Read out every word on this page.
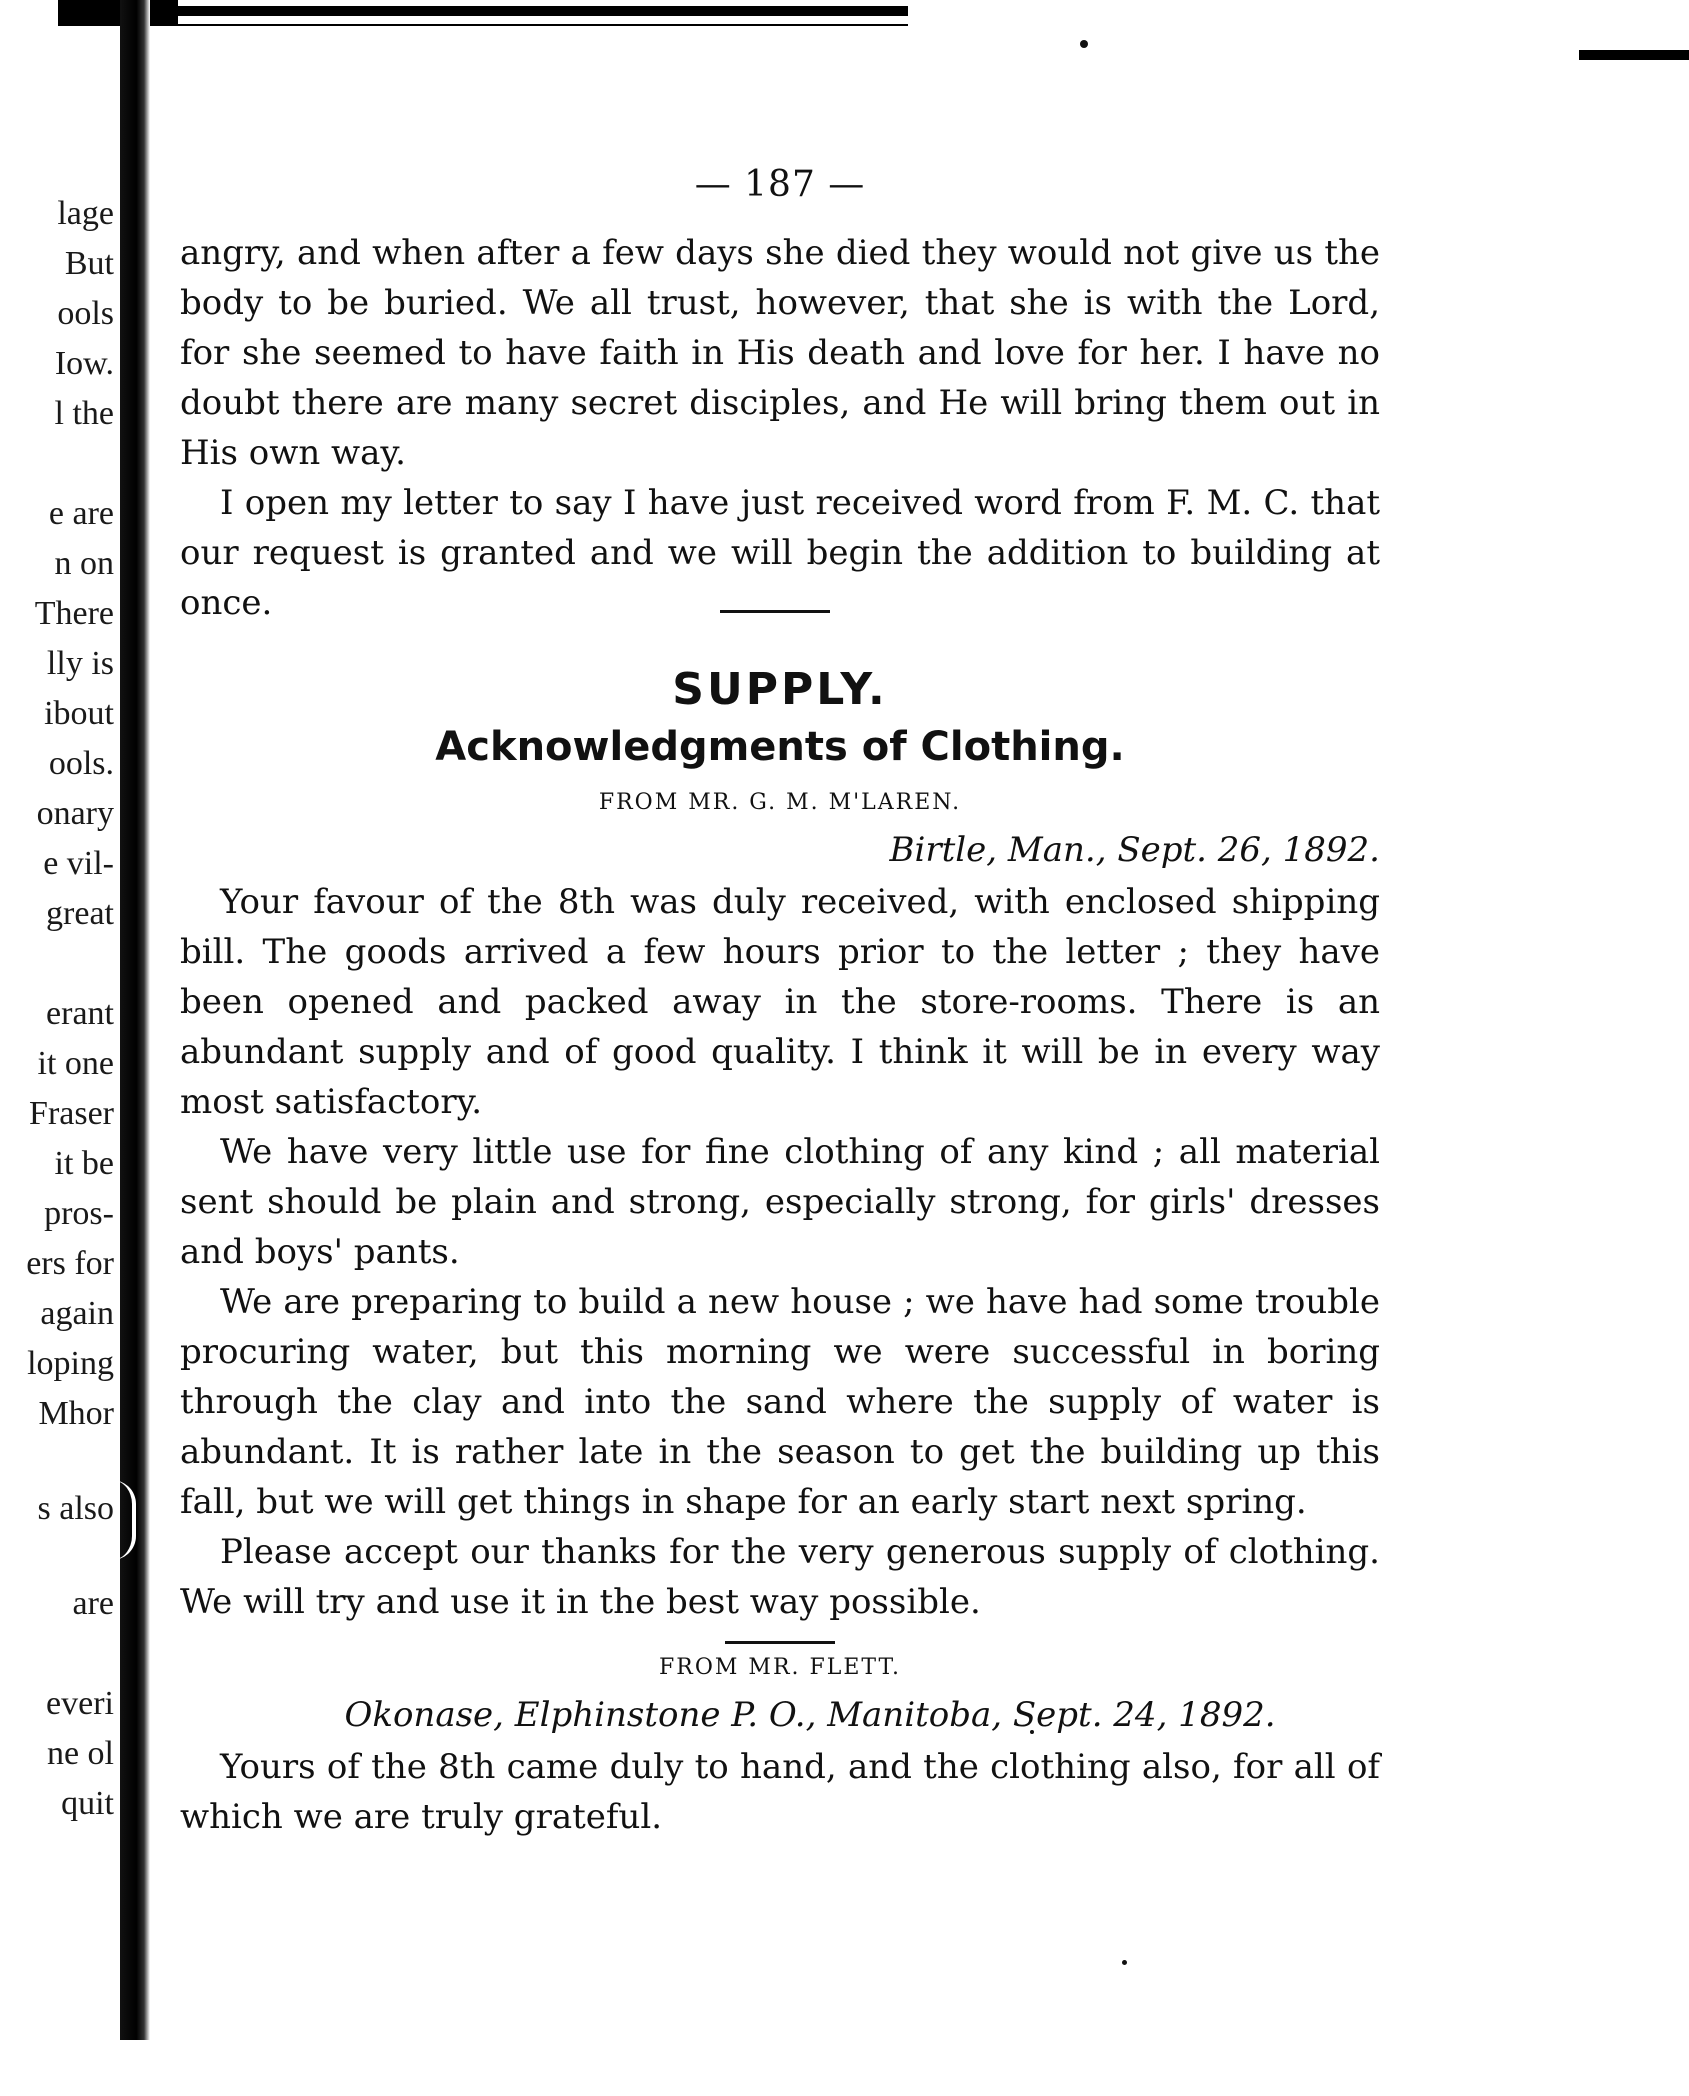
lage
But
ools
Iow.
l the
e are
n on
There
lly is
ibout
ools.
onary
e vil-
great
erant
it one
Fraser
it be
pros-
ers for
again
loping
Mhor
s also
are
everi
ne ol
quit
— 187 —

angry, and when after a few days she died they would not give us the body to be buried. We all trust, however, that she is with the Lord, for she seemed to have faith in His death and love for her. I have no doubt there are many secret disciples, and He will bring them out in His own way.

I open my letter to say I have just received word from F. M. C. that our request is granted and we will begin the addition to building at once.

SUPPLY.
Acknowledgments of Clothing.
FROM MR. G. M. M'LAREN.
Birtle, Man., Sept. 26, 1892.

Your favour of the 8th was duly received, with enclosed shipping bill. The goods arrived a few hours prior to the letter ; they have been opened and packed away in the store-rooms. There is an abundant supply and of good quality. I think it will be in every way most satisfactory.

We have very little use for fine clothing of any kind ; all material sent should be plain and strong, especially strong, for girls' dresses and boys' pants.

We are preparing to build a new house ; we have had some trouble procuring water, but this morning we were successful in boring through the clay and into the sand where the supply of water is abundant. It is rather late in the season to get the building up this fall, but we will get things in shape for an early start next spring.

Please accept our thanks for the very generous supply of clothing. We will try and use it in the best way possible.

FROM MR. FLETT.
Okonase, Elphinstone P. O., Manitoba, Sept. 24, 1892.

Yours of the 8th came duly to hand, and the clothing also, for all of which we are truly grateful.
